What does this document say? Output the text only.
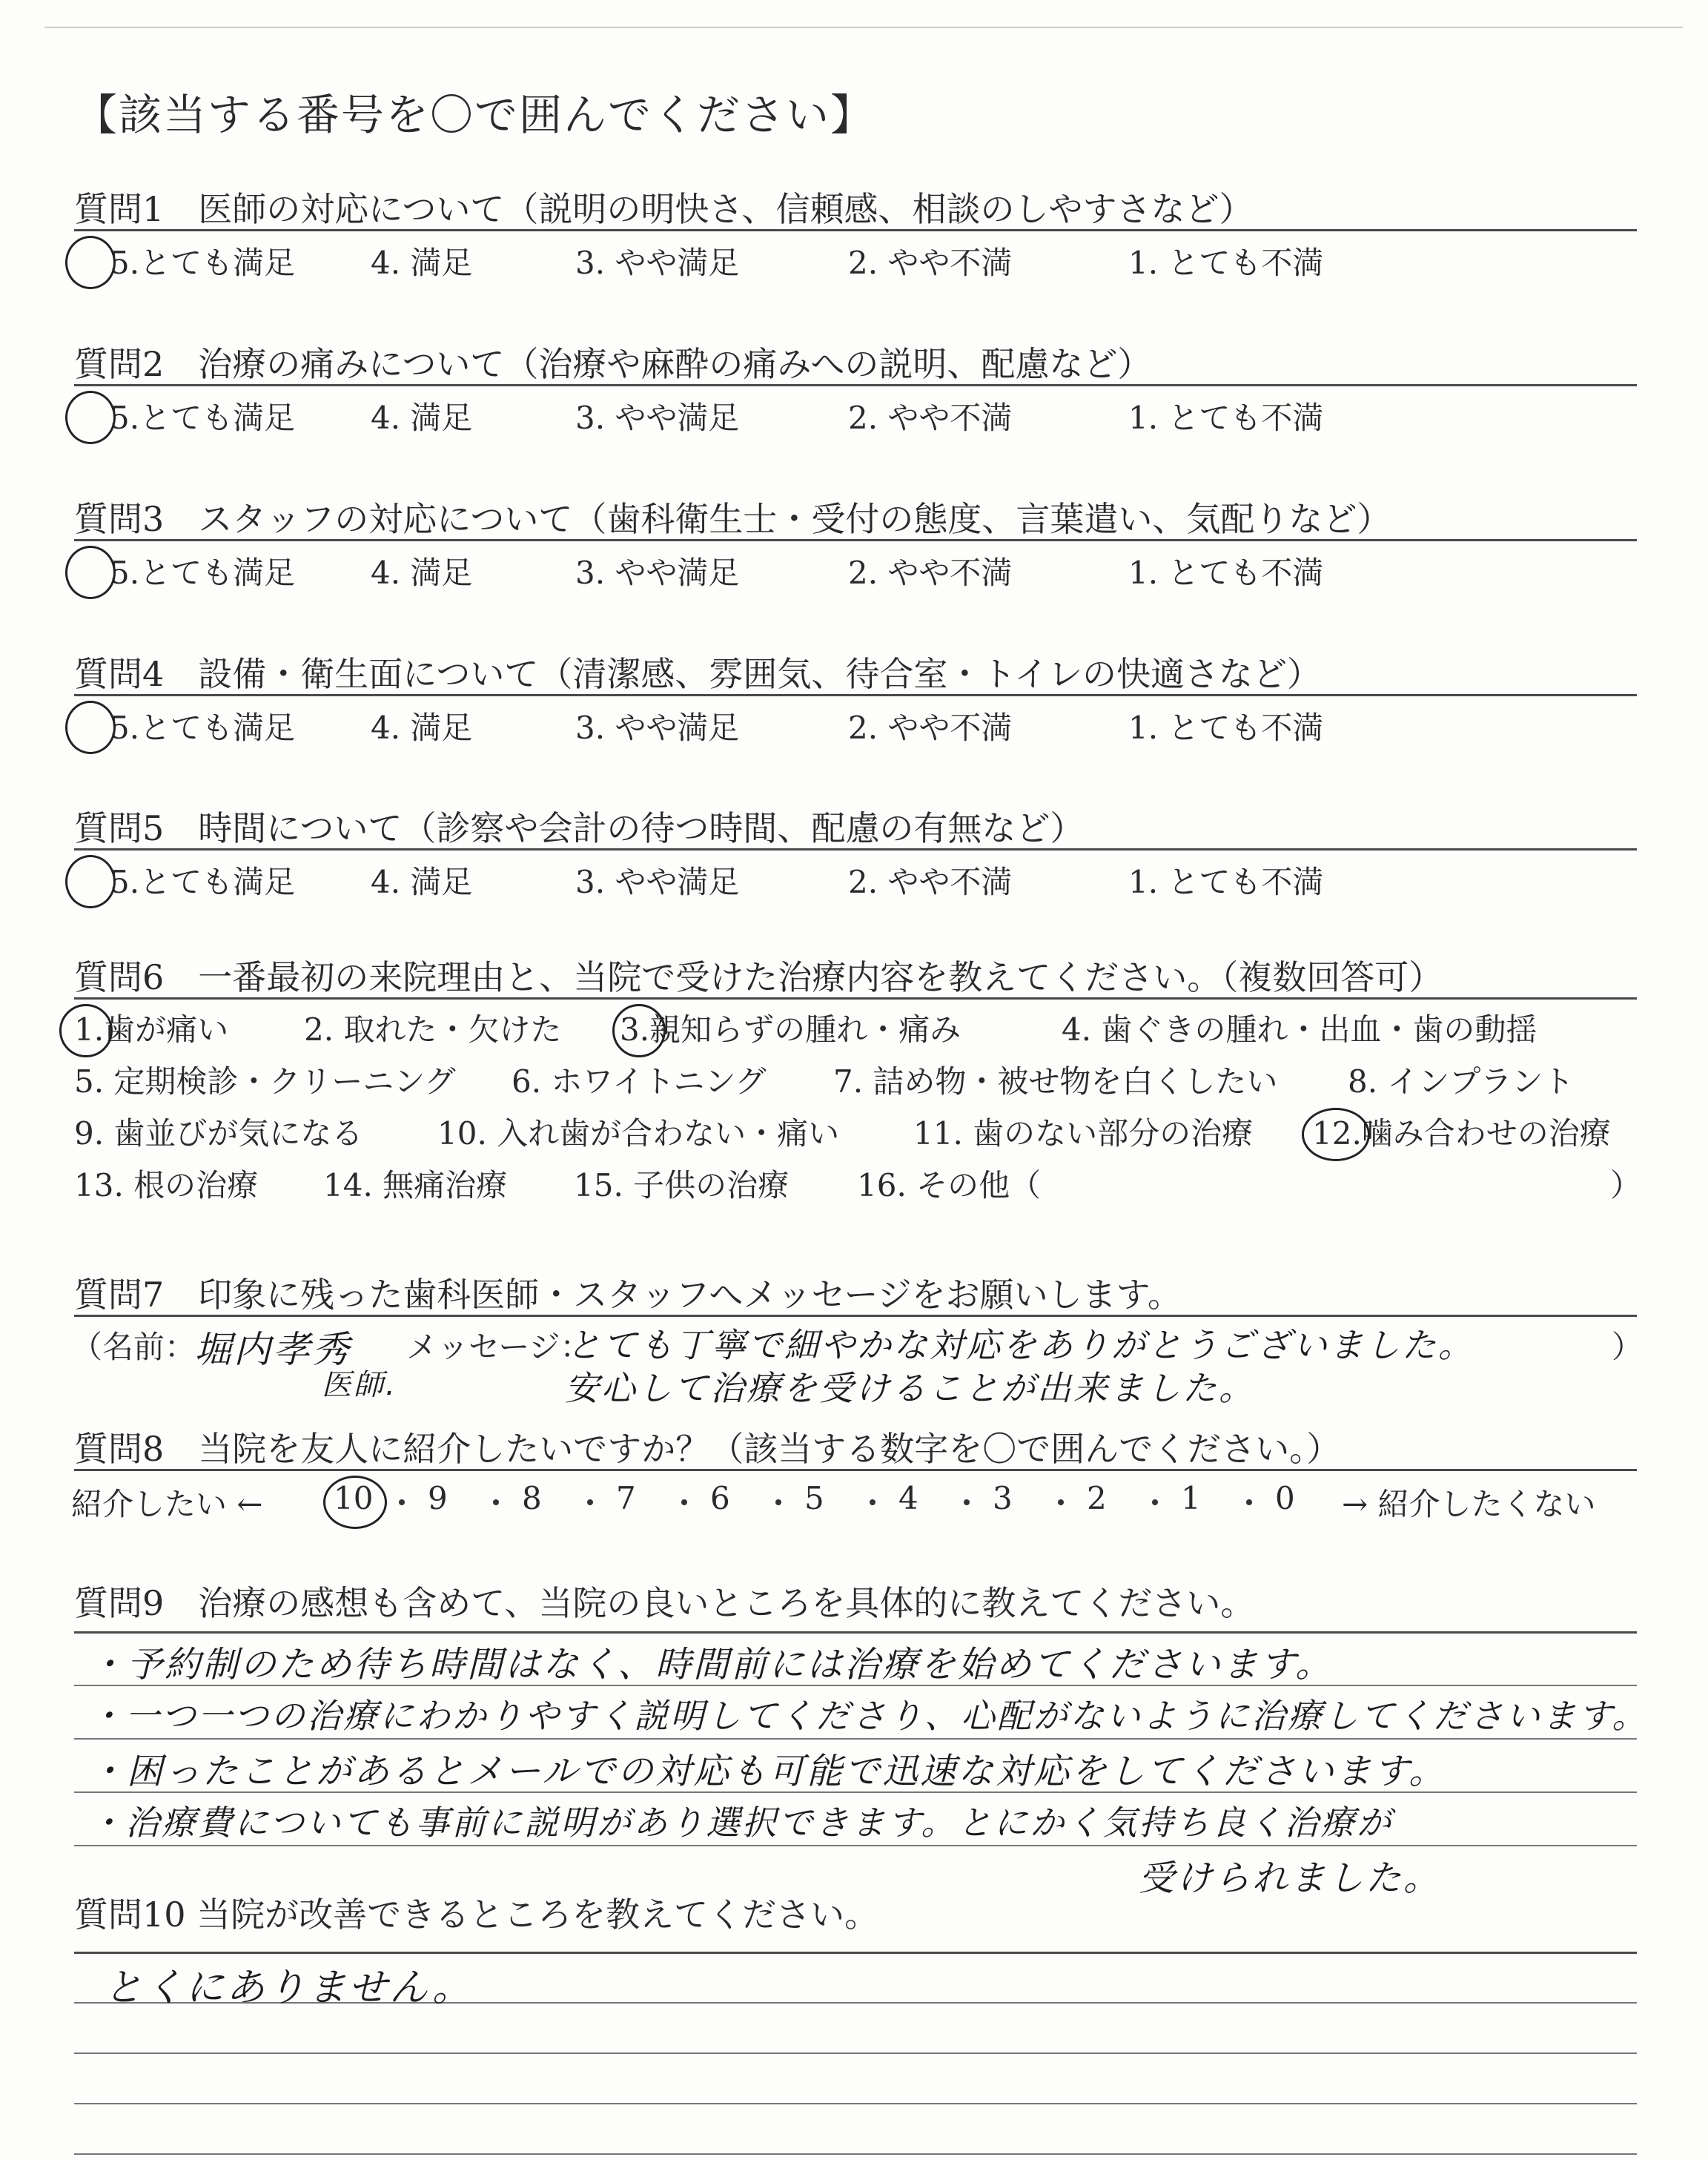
【該当する番号を〇で囲んでください】
質問1　医師の対応について（説明の明快さ、信頼感、相談のしやすさなど）
5.とても満足 4. 満足	3. やや満足	2. やや不満	1. とても不満
質問2　治療の痛みについて（治療や麻酔の痛みへの説明、配慮など）
5.とても満足 4. 満足	3. やや満足	2. やや不満	1. とても不満
質問3　スタッフの対応について（歯科衛生士・受付の態度、言葉遣い、気配りなど）
5.とても満足 4. 満足	3. やや満足	2. やや不満	1. とても不満
質問4　設備・衛生面について（清潔感、雰囲気、待合室・トイレの快適さなど）
5.とても満足 4. 満足	3. やや満足	2. やや不満	1. とても不満
質問5　時間について（診察や会計の待つ時間、配慮の有無など）
5.とても満足 4. 満足	3. やや満足	2. やや不満	1. とても不満
質問6　一番最初の来院理由と、当院で受けた治療内容を教えてください。（複数回答可）
1.歯が痛い 2. 取れた・欠けた 3.親知らずの腫れ・痛み	4. 歯ぐきの腫れ・出血・歯の動揺
5. 定期検診・クリーニング 6. ホワイトニング 7. 詰め物・被せ物を白くしたい 8. インプラント
9. 歯並びが気になる 10. 入れ歯が合わない・痛い 11. 歯のない部分の治療 12.噛み合わせの治療
13. 根の治療 14. 無痛治療 15. 子供の治療 16. その他（	）
質問7　印象に残った歯科医師・スタッフへメッセージをお願いします。
（名前：	メッセージ：	）
堀内孝秀
医師.
とても丁寧で細やかな対応をありがとうございました。
安心して治療を受けることが出来ました。
質問8　当院を友人に紹介したいですか？（該当する数字を〇で囲んでください。）
紹介したい ← 10 9 8 7 6 5 4 3 2 1 0 → 紹介したくない
質問9　治療の感想も含めて、当院の良いところを具体的に教えてください。
・予約制のため待ち時間はなく、時間前には治療を始めてくださいます。
・一つ一つの治療にわかりやすく説明してくださり、心配がないように治療してくださいます。
・困ったことがあるとメールでの対応も可能で迅速な対応をしてくださいます。
・治療費についても事前に説明があり選択できます。とにかく気持ち良く治療が
受けられました。
質問10 当院が改善できるところを教えてください。
とくにありません。
